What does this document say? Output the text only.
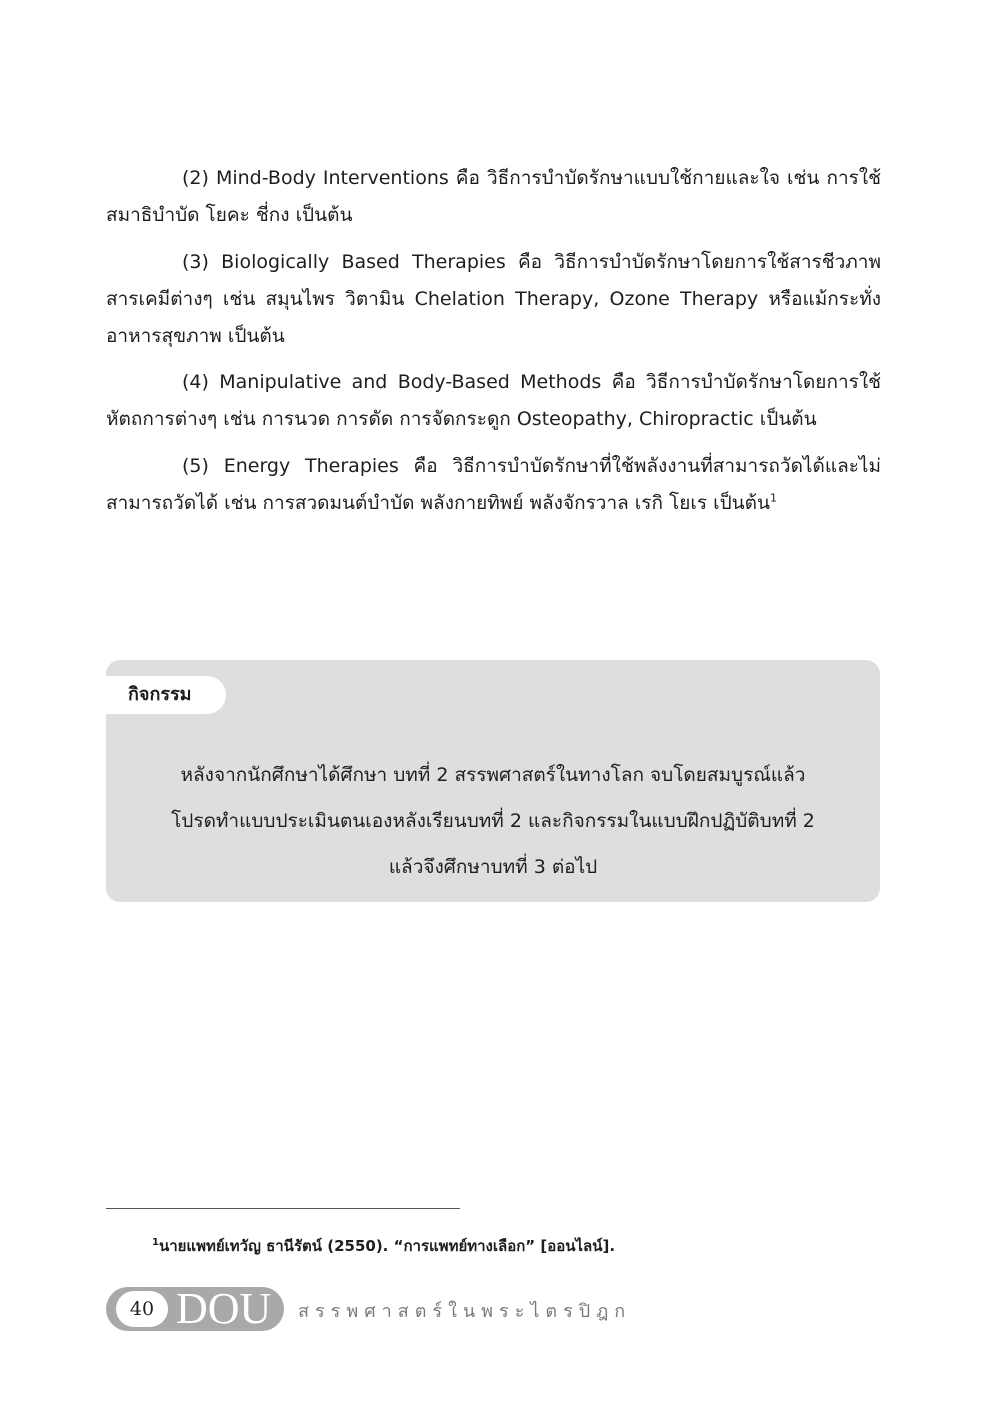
(2) Mind-Body Interventions คือ วิธีการบำบัดรักษาแบบใช้กายและใจ เช่น การใช้สมาธิบำบัด โยคะ ชี่กง เป็นต้น

(3) Biologically Based Therapies คือ วิธีการบำบัดรักษาโดยการใช้สารชีวภาพ สารเคมีต่างๆ เช่น สมุนไพร วิตามิน Chelation Therapy, Ozone Therapy หรือแม้กระทั่งอาหารสุขภาพ เป็นต้น

(4) Manipulative and Body-Based Methods คือ วิธีการบำบัดรักษาโดยการใช้หัตถการต่างๆ เช่น การนวด การดัด การจัดกระดูก Osteopathy, Chiropractic เป็นต้น

(5) Energy Therapies คือ วิธีการบำบัดรักษาที่ใช้พลังงานที่สามารถวัดได้และไม่สามารถวัดได้ เช่น การสวดมนต์บำบัด พลังกายทิพย์ พลังจักรวาล เรกิ โยเร เป็นต้น$^1$

กิจกรรม

หลังจากนักศึกษาได้ศึกษา บทที่ 2 สรรพศาสตร์ในทางโลก จบโดยสมบูรณ์แล้ว
โปรดทำแบบประเมินตนเองหลังเรียนบทที่ 2 และกิจกรรมในแบบฝึกปฏิบัติบทที่ 2
แล้วจึงศึกษาบทที่ 3 ต่อไป

$^1$นายแพทย์เทวัญ ธานีรัตน์ (2550). “การแพทย์ทางเลือก” [ออนไลน์].

40 DOU สรรพศาสตร์ในพระไตรปิฎก
